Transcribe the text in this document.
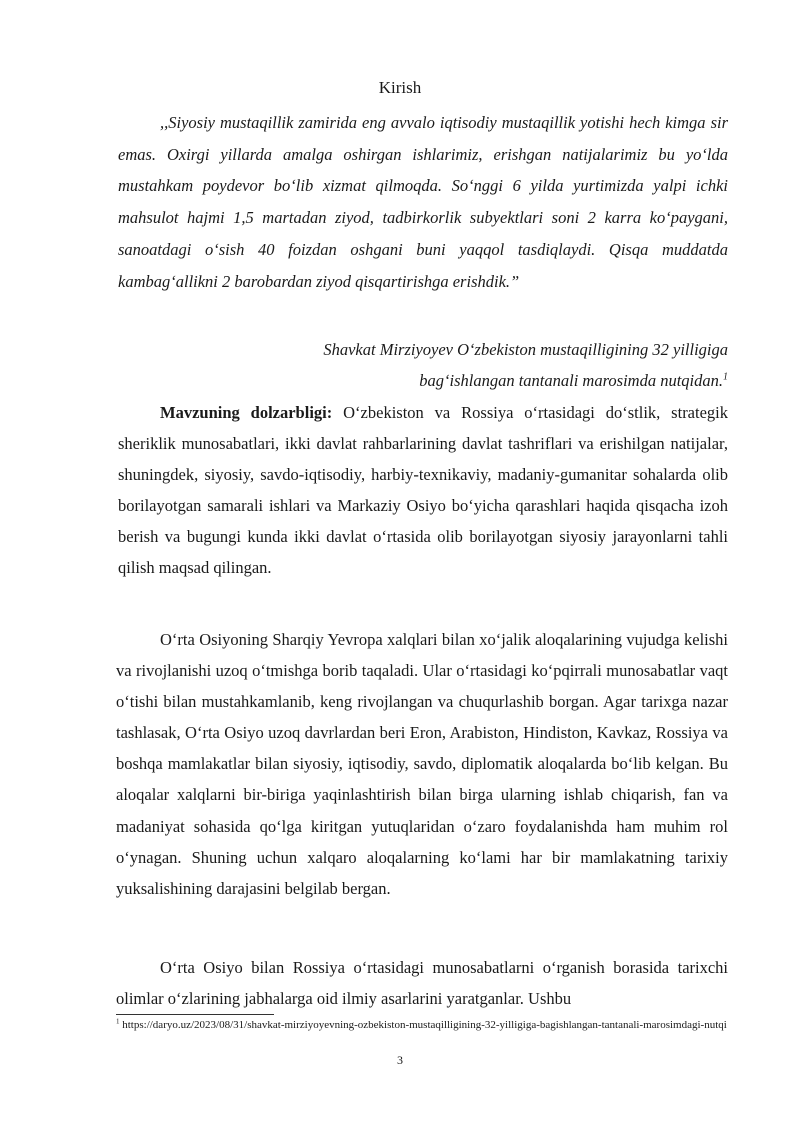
Kirish

,,Siyosiy mustaqillik zamirida eng avvalo iqtisodiy mustaqillik yotishi hech kimga sir emas. Oxirgi yillarda amalga oshirgan ishlarimiz, erishgan natijalarimiz bu yo‘lda mustahkam poydevor bo‘lib xizmat qilmoqda. So‘nggi 6 yilda yurtimizda yalpi ichki mahsulot hajmi 1,5 martadan ziyod, tadbirkorlik subyektlari soni 2 karra ko‘paygani, sanoatdagi o‘sish 40 foizdan oshgani buni yaqqol tasdiqlaydi. Qisqa muddatda kambag‘allikni 2 barobardan ziyod qisqartirishga erishdik.”

Shavkat Mirziyoyev O‘zbekiston mustaqilligining 32 yilligiga
bag‘ishlangan tantanali marosimda nutqidan.$^1$

Mavzuning dolzarbligi: O‘zbekiston va Rossiya o‘rtasidagi do‘stlik, strategik sheriklik munosabatlari, ikki davlat rahbarlarining davlat tashriflari va erishilgan natijalar, shuningdek, siyosiy, savdo-iqtisodiy, harbiy-texnikaviy, madaniy-gumanitar sohalarda olib borilayotgan samarali ishlari va Markaziy Osiyo bo‘yicha qarashlari haqida qisqacha izoh berish va bugungi kunda ikki davlat o‘rtasida olib borilayotgan siyosiy jarayonlarni tahli qilish maqsad qilingan.

O‘rta Osiyoning Sharqiy Yevropa xalqlari bilan xo‘jalik aloqalarining vujudga kelishi va rivojlanishi uzoq o‘tmishga borib taqaladi. Ular o‘rtasidagi ko‘pqirrali munosabatlar vaqt o‘tishi bilan mustahkamlanib, keng rivojlangan va chuqurlashib borgan. Agar tarixga nazar tashlasak, O‘rta Osiyo uzoq davrlardan beri Eron, Arabiston, Hindiston, Kavkaz, Rossiya va boshqa mamlakatlar bilan siyosiy, iqtisodiy, savdo, diplomatik aloqalarda bo‘lib kelgan. Bu aloqalar xalqlarni bir-biriga yaqinlashtirish bilan birga ularning ishlab chiqarish, fan va madaniyat sohasida qo‘lga kiritgan yutuqlaridan o‘zaro foydalanishda ham muhim rol o‘ynagan. Shuning uchun xalqaro aloqalarning ko‘lami har bir mamlakatning tarixiy yuksalishining darajasini belgilab bergan.

O‘rta Osiyo bilan Rossiya o‘rtasidagi munosabatlarni o‘rganish borasida tarixchi olimlar o‘zlarining jabhalarga oid ilmiy asarlarini yaratganlar. Ushbu

$^1$ https://daryo.uz/2023/08/31/shavkat-mirziyoyevning-ozbekiston-mustaqilligining-32-yilligiga-bagishlangan-tantanali-marosimdagi-nutqi
3
